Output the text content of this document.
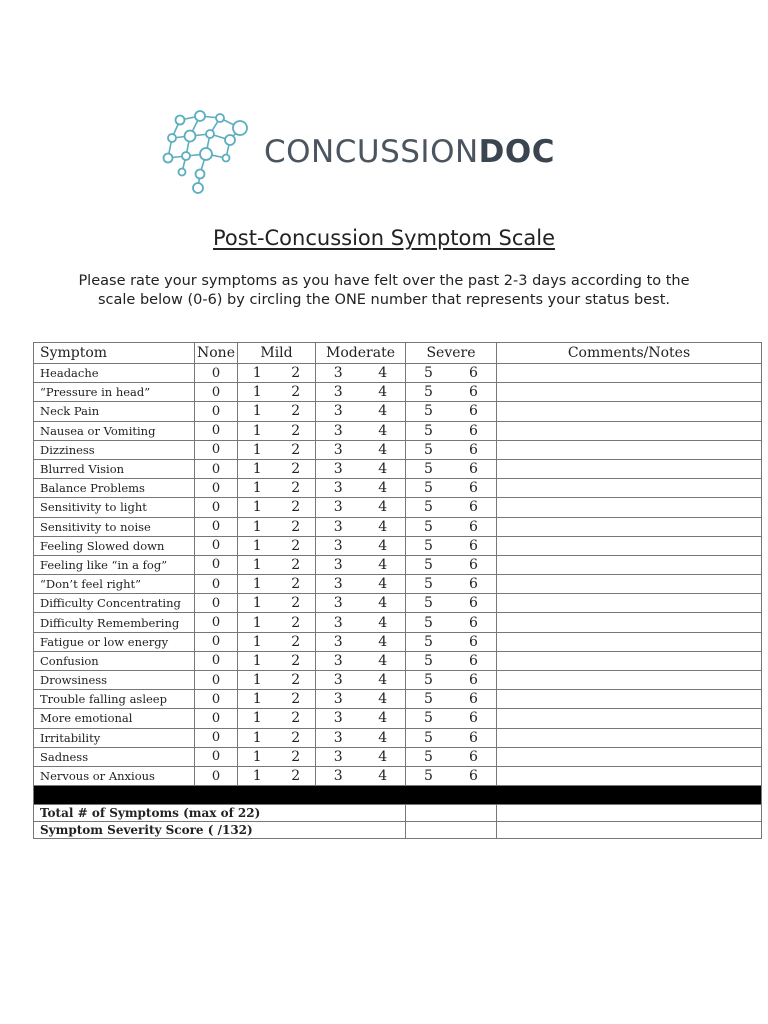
CONCUSSIONDOC
Post-Concussion Symptom Scale
Please rate your symptoms as you have felt over the past 2-3 days according to the scale below (0-6) by circling the ONE number that represents your status best.
Symptom	None	Mild	Moderate	Severe	Comments/Notes
Headache	0	1 2	3 4	5 6	

“Pressure in head”	0	1 2	3 4	5 6	

Neck Pain	0	1 2	3 4	5 6	

Nausea or Vomiting	0	1 2	3 4	5 6	

Dizziness	0	1 2	3 4	5 6	

Blurred Vision	0	1 2	3 4	5 6	

Balance Problems	0	1 2	3 4	5 6	

Sensitivity to light	0	1 2	3 4	5 6	

Sensitivity to noise	0	1 2	3 4	5 6	

Feeling Slowed down	0	1 2	3 4	5 6	

Feeling like “in a fog”	0	1 2	3 4	5 6	

“Don’t feel right”	0	1 2	3 4	5 6	

Difficulty Concentrating	0	1 2	3 4	5 6	

Difficulty Remembering	0	1 2	3 4	5 6	

Fatigue or low energy	0	1 2	3 4	5 6	

Confusion	0	1 2	3 4	5 6	

Drowsiness	0	1 2	3 4	5 6	

Trouble falling asleep	0	1 2	3 4	5 6	

More emotional	0	1 2	3 4	5 6	

Irritability	0	1 2	3 4	5 6	

Sadness	0	1 2	3 4	5 6	

Nervous or Anxious	0	1 2	3 4	5 6	

Total # of Symptoms (max of 22)					
Symptom Severity Score ( /132)					
